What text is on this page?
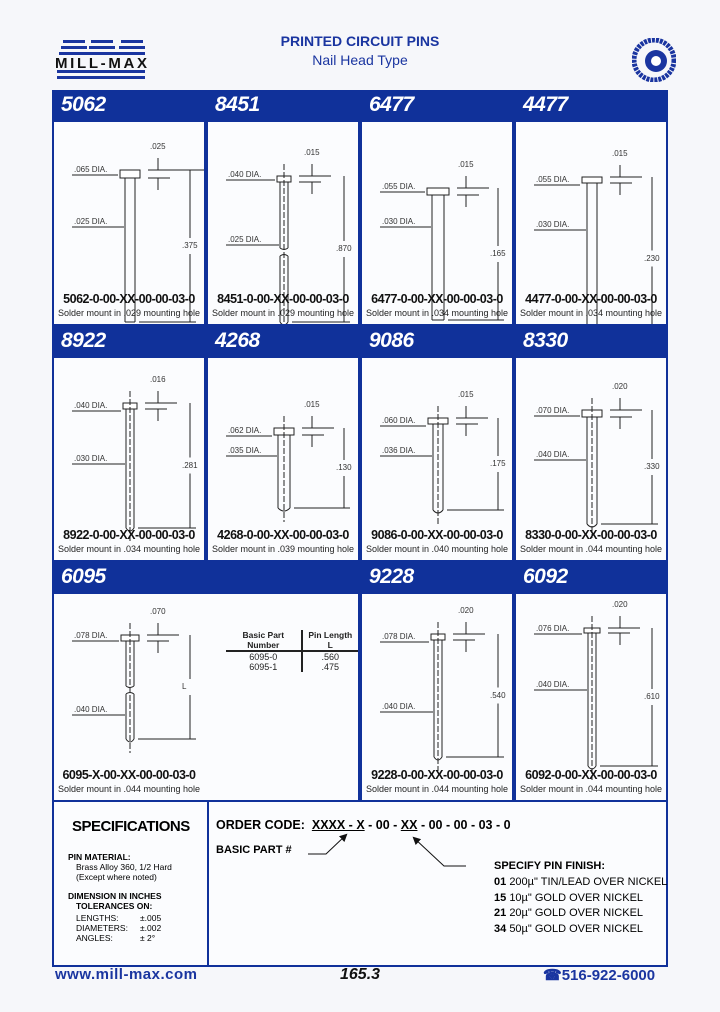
MILL-MAX
PRINTED CIRCUIT PINS
Nail Head Type
5062
.065 DIA.
.025 DIA.
.025
.375
5062-0-00-XX-00-00-03-0
Solder mount in .029 mounting hole
8451
.040 DIA.
.025 DIA.
.015
.870
8451-0-00-XX-00-00-03-0
Solder mount in .029 mounting hole
6477
.055 DIA.
.030 DIA.
.015
.165
6477-0-00-XX-00-00-03-0
Solder mount in .034 mounting hole
4477
.055 DIA.
.030 DIA.
.015
.230
4477-0-00-XX-00-00-03-0
Solder mount in .034 mounting hole
8922
.040 DIA.
.030 DIA.
.016
.281
8922-0-00-XX-00-00-03-0
Solder mount in .034 mounting hole
4268
.062 DIA.
.035 DIA.
.015
.130
4268-0-00-XX-00-00-03-0
Solder mount in .039 mounting hole
9086
.060 DIA.
.036 DIA.
.015
.175
9086-0-00-XX-00-00-03-0
Solder mount in .040 mounting hole
8330
.070 DIA.
.040 DIA.
.020
.330
8330-0-00-XX-00-00-03-0
Solder mount in .044 mounting hole
6095
.078 DIA.
.040 DIA.
.070
L
6095-X-00-XX-00-00-03-0
Solder mount in .044 mounting hole
Basic Part Number	Pin Length L
6095-0	.560
6095-1	.475
9228
.078 DIA.
.040 DIA.
.020
.540
9228-0-00-XX-00-00-03-0
Solder mount in .044 mounting hole
6092
.076 DIA.
.040 DIA.
.020
.610
6092-0-00-XX-00-00-03-0
Solder mount in .044 mounting hole
SPECIFICATIONS
PIN MATERIAL:
Brass Alloy 360, 1/2 Hard
(Except where noted)
DIMENSION IN INCHES
TOLERANCES ON:
LENGTHS:	±.005
DIAMETERS: ±.002
ANGLES:	± 2°
ORDER CODE: XXXX - X - 00 - XX - 00 - 00 - 03 - 0
BASIC PART #
SPECIFY PIN FINISH:
01 200µ" TIN/LEAD OVER NICKEL
15 10µ" GOLD OVER NICKEL
21 20µ" GOLD OVER NICKEL
34 50µ" GOLD OVER NICKEL
www.mill-max.com	165.3	☎516-922-6000
